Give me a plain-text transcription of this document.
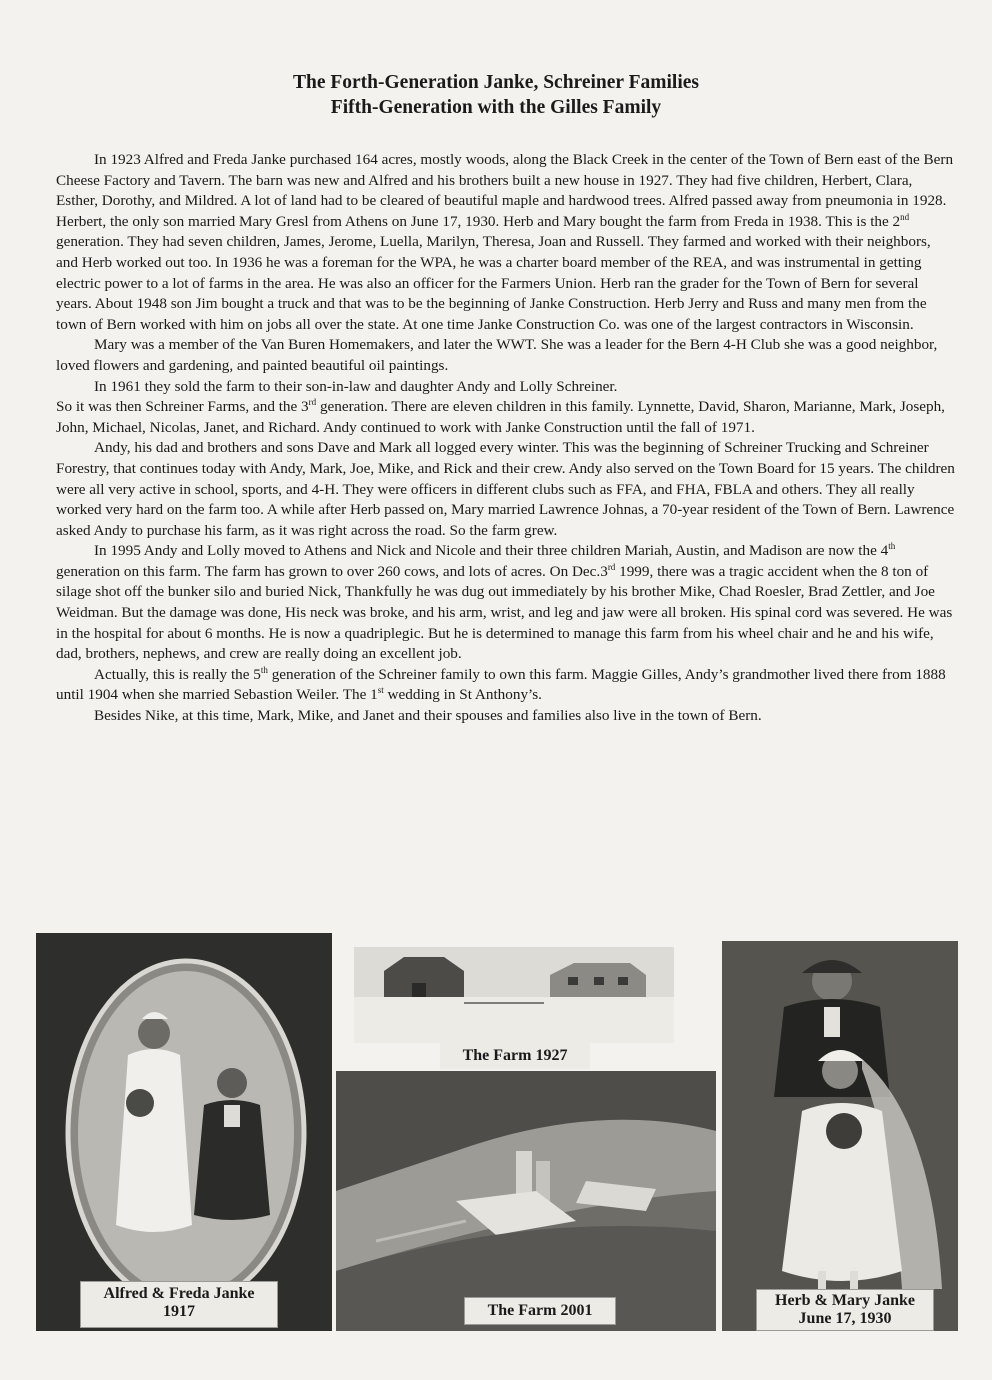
The Forth-Generation Janke, Schreiner Families
Fifth-Generation with the Gilles Family

In 1923 Alfred and Freda Janke purchased 164 acres, mostly woods, along the Black Creek in the center of the Town of Bern east of the Bern Cheese Factory and Tavern. The barn was new and Alfred and his brothers built a new house in 1927. They had five children, Herbert, Clara, Esther, Dorothy, and Mildred. A lot of land had to be cleared of beautiful maple and hardwood trees. Alfred passed away from pneumonia in 1928. Herbert, the only son married Mary Gresl from Athens on June 17, 1930. Herb and Mary bought the farm from Freda in 1938. This is the 2nd generation. They had seven children, James, Jerome, Luella, Marilyn, Theresa, Joan and Russell. They farmed and worked with their neighbors, and Herb worked out too. In 1936 he was a foreman for the WPA, he was a charter board member of the REA, and was instrumental in getting electric power to a lot of farms in the area. He was also an officer for the Farmers Union. Herb ran the grader for the Town of Bern for several years. About 1948 son Jim bought a truck and that was to be the beginning of Janke Construction. Herb Jerry and Russ and many men from the town of Bern worked with him on jobs all over the state. At one time Janke Construction Co. was one of the largest contractors in Wisconsin.

Mary was a member of the Van Buren Homemakers, and later the WWT. She was a leader for the Bern 4-H Club she was a good neighbor, loved flowers and gardening, and painted beautiful oil paintings.

In 1961 they sold the farm to their son-in-law and daughter Andy and Lolly Schreiner.

So it was then Schreiner Farms, and the 3rd generation. There are eleven children in this family. Lynnette, David, Sharon, Marianne, Mark, Joseph, John, Michael, Nicolas, Janet, and Richard. Andy continued to work with Janke Construction until the fall of 1971.

Andy, his dad and brothers and sons Dave and Mark all logged every winter. This was the beginning of Schreiner Trucking and Schreiner Forestry, that continues today with Andy, Mark, Joe, Mike, and Rick and their crew. Andy also served on the Town Board for 15 years. The children were all very active in school, sports, and 4-H. They were officers in different clubs such as FFA, and FHA, FBLA and others. They all really worked very hard on the farm too. A while after Herb passed on, Mary married Lawrence Johnas, a 70-year resident of the Town of Bern. Lawrence asked Andy to purchase his farm, as it was right across the road. So the farm grew.

In 1995 Andy and Lolly moved to Athens and Nick and Nicole and their three children Mariah, Austin, and Madison are now the 4th generation on this farm. The farm has grown to over 260 cows, and lots of acres. On Dec.3rd 1999, there was a tragic accident when the 8 ton of silage shot off the bunker silo and buried Nick, Thankfully he was dug out immediately by his brother Mike, Chad Roesler, Brad Zettler, and Joe Weidman. But the damage was done, His neck was broke, and his arm, wrist, and leg and jaw were all broken. His spinal cord was severed. He was in the hospital for about 6 months. He is now a quadriplegic. But he is determined to manage this farm from his wheel chair and he and his wife, dad, brothers, nephews, and crew are really doing an excellent job.

Actually, this is really the 5th generation of the Schreiner family to own this farm. Maggie Gilles, Andy’s grandmother lived there from 1888 until 1904 when she married Sebastion Weiler. The 1st wedding in St Anthony’s.

Besides Nike, at this time, Mark, Mike, and Janet and their spouses and families also live in the town of Bern.

Alfred & Freda Janke
1917
The Farm 1927
The Farm 2001
Herb & Mary Janke
June 17, 1930
